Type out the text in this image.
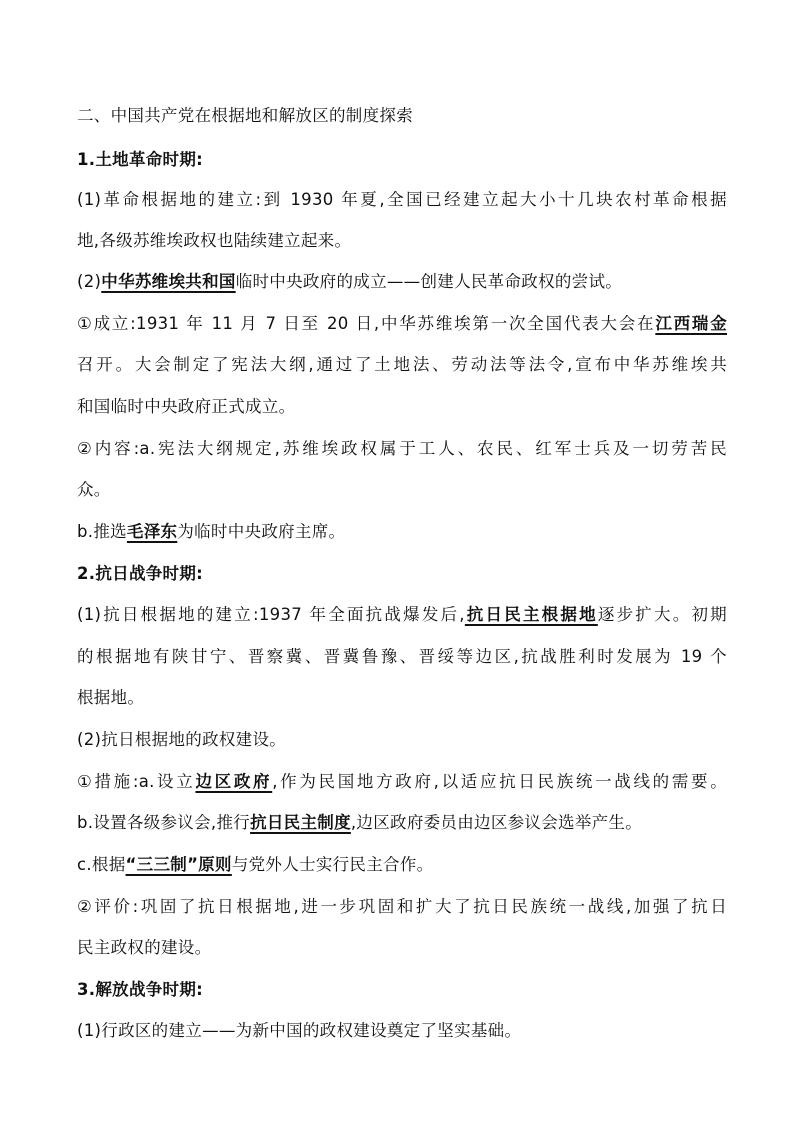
二、中国共产党在根据地和解放区的制度探索
1.土地革命时期:
(1)革命根据地的建立:到 1930 年夏,全国已经建立起大小十几块农村革命根据
地,各级苏维埃政权也陆续建立起来。
(2)中华苏维埃共和国临时中央政府的成立——创建人民革命政权的尝试。
①成立:1931 年 11 月 7 日至 20 日,中华苏维埃第一次全国代表大会在江西瑞金
召开。大会制定了宪法大纲,通过了土地法、劳动法等法令,宣布中华苏维埃共
和国临时中央政府正式成立。
②内容:a.宪法大纲规定,苏维埃政权属于工人、农民、红军士兵及一切劳苦民
众。
b.推选毛泽东为临时中央政府主席。
2.抗日战争时期:
(1)抗日根据地的建立:1937 年全面抗战爆发后,抗日民主根据地逐步扩大。初期
的根据地有陕甘宁、晋察冀、晋冀鲁豫、晋绥等边区,抗战胜利时发展为 19 个
根据地。
(2)抗日根据地的政权建设。
①措施:a.设立边区政府,作为民国地方政府,以适应抗日民族统一战线的需要。
b.设置各级参议会,推行抗日民主制度,边区政府委员由边区参议会选举产生。
c.根据“三三制”原则与党外人士实行民主合作。
②评价:巩固了抗日根据地,进一步巩固和扩大了抗日民族统一战线,加强了抗日
民主政权的建设。
3.解放战争时期:
(1)行政区的建立——为新中国的政权建设奠定了坚实基础。
